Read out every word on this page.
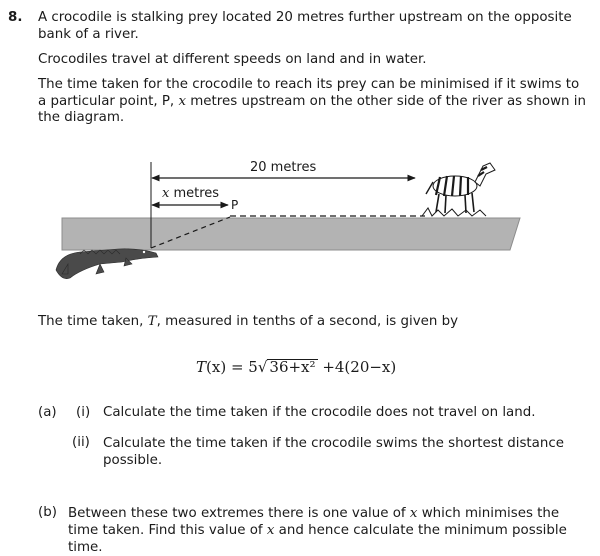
8. A crocodile is stalking prey located 20 metres further upstream on the opposite bank of a river.
Crocodiles travel at different speeds on land and in water.
The time taken for the crocodile to reach its prey can be minimised if it swims to a particular point, P, x metres upstream on the other side of the river as shown in the diagram.
20 metres
x metres
P
The time taken, T, measured in tenths of a second, is given by
T(x) = 5√ 36+x² +4(20−x)
(a) (i) Calculate the time taken if the crocodile does not travel on land.
(ii) Calculate the time taken if the crocodile swims the shortest distance possible.
(b) Between these two extremes there is one value of x which minimises the time taken. Find this value of x and hence calculate the minimum possible time.
